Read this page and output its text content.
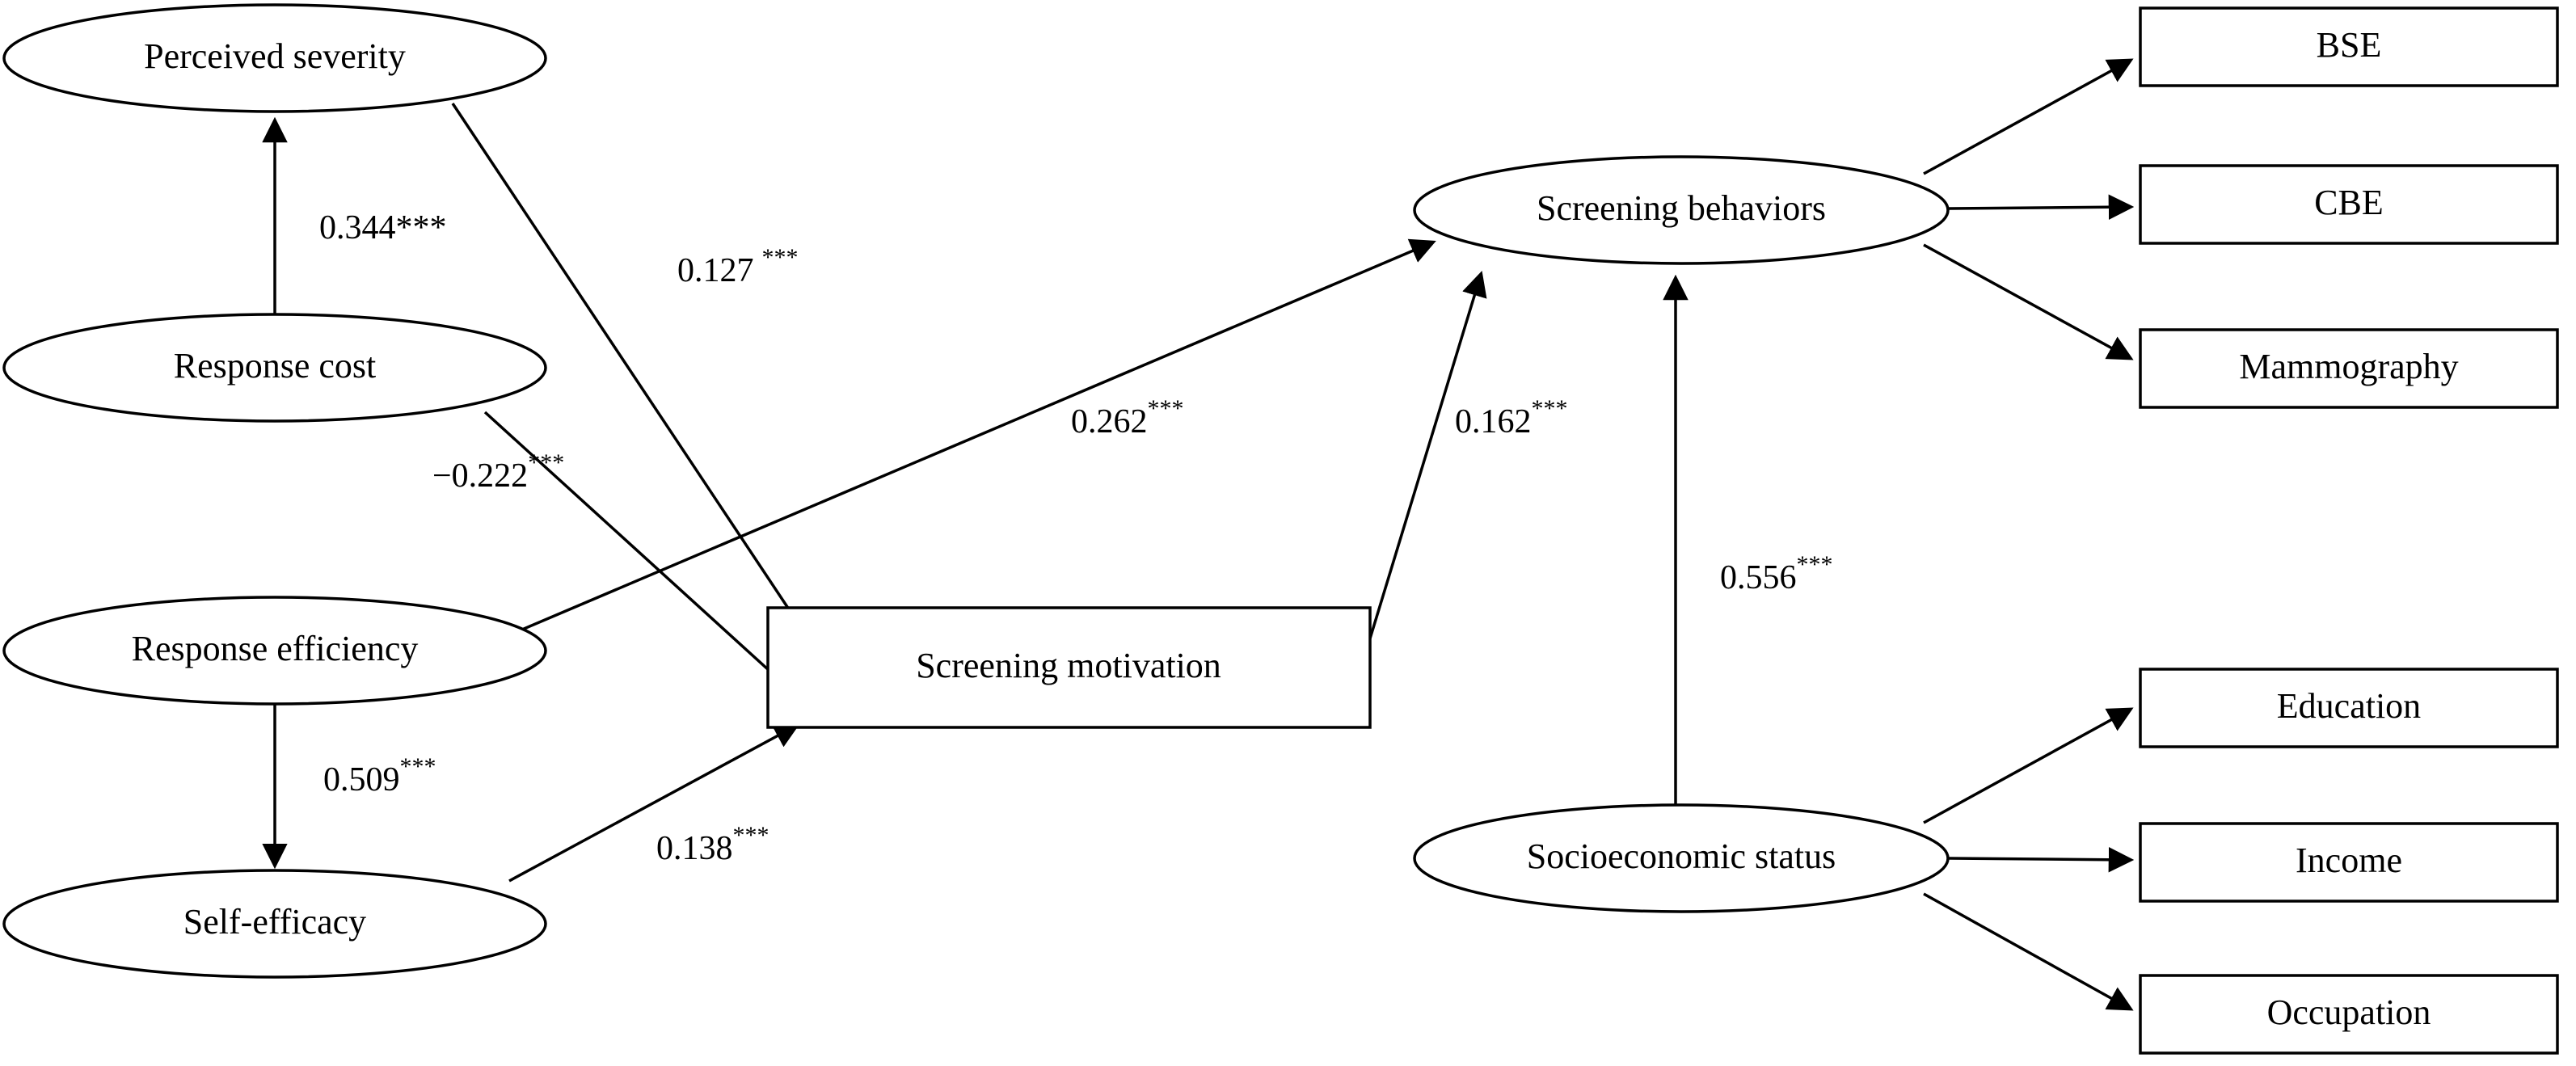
Perceived severity
Response cost
Response efficiency
Self-efficacy
Screening motivation
Screening behaviors
Socioeconomic status
BSE
CBE
Mammography
Education
Income
Occupation
0.344***
0.127 ***
−0.222***
0.262***
0.509***
0.138***
0.162***
0.556***
